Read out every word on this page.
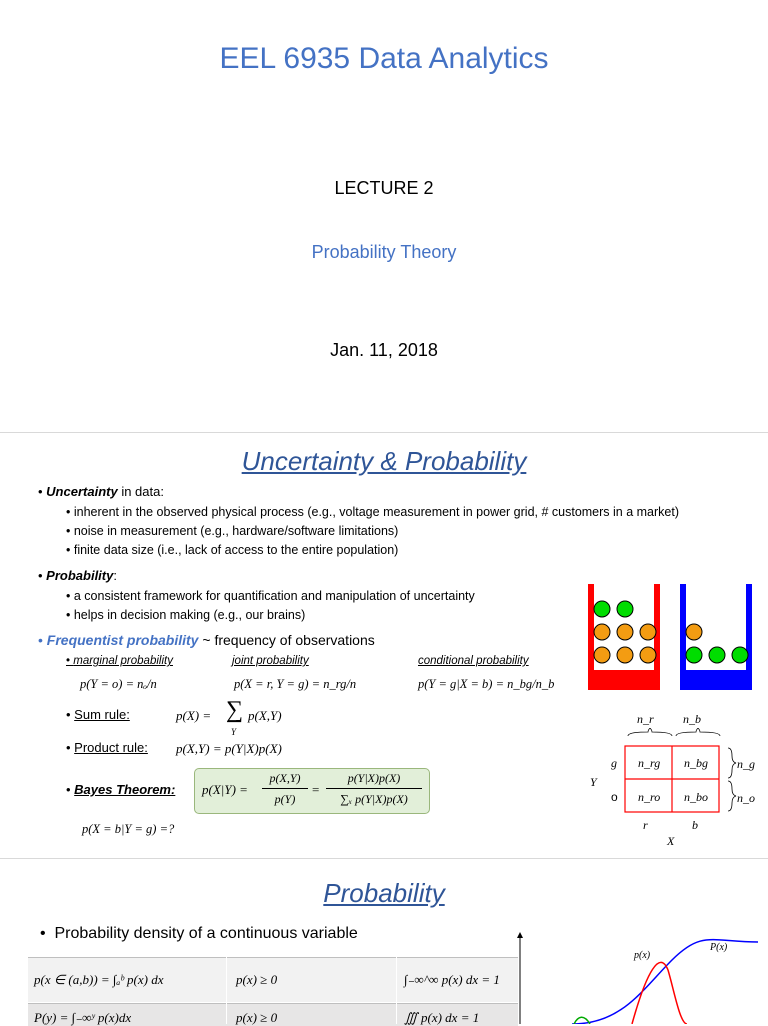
EEL 6935 Data Analytics
LECTURE 2
Probability Theory
Jan. 11, 2018
Uncertainty & Probability
• Uncertainty in data:
• inherent in the observed physical process (e.g., voltage measurement in power grid, # customers in a market)
• noise in measurement (e.g., hardware/software limitations)
• finite data size (i.e., lack of access to the entire population)
• Probability:
• a consistent framework for quantification and manipulation of uncertainty
• helps in decision making (e.g., our brains)
• Frequentist probability ~ frequency of observations
• marginal probability	joint probability	conditional probability
p(Y = o) = nₒ/n	p(X = r, Y = g) = n_rg/n	p(Y = g|X = b) = n_bg/n_b
• Sum rule:	p(X) = ∑
Y
p(X,Y)
• Product rule: p(X,Y) = p(Y|X)p(X)
• Bayes Theorem: p(X|Y) =
p(X,Y)
p(Y)
=
p(Y|X)p(X)
∑ₓ p(Y|X)p(X)
p(X = b|Y = g) =?
n_r n_b
Y
g
o
n_rg n_bg
n_ro n_bo
n_g
n_o
r	b
X
Probability
•  Probability density of a continuous variable
p(x ∈ (a,b)) = ∫ₐᵇ p(x) dx	p(x) ≥ 0	∫₋∞^∞ p(x) dx = 1
P(y) = ∫₋∞ʸ p(x)dx	p(x) ≥ 0	∭ p(x) dx = 1
p(x)
P(x)
